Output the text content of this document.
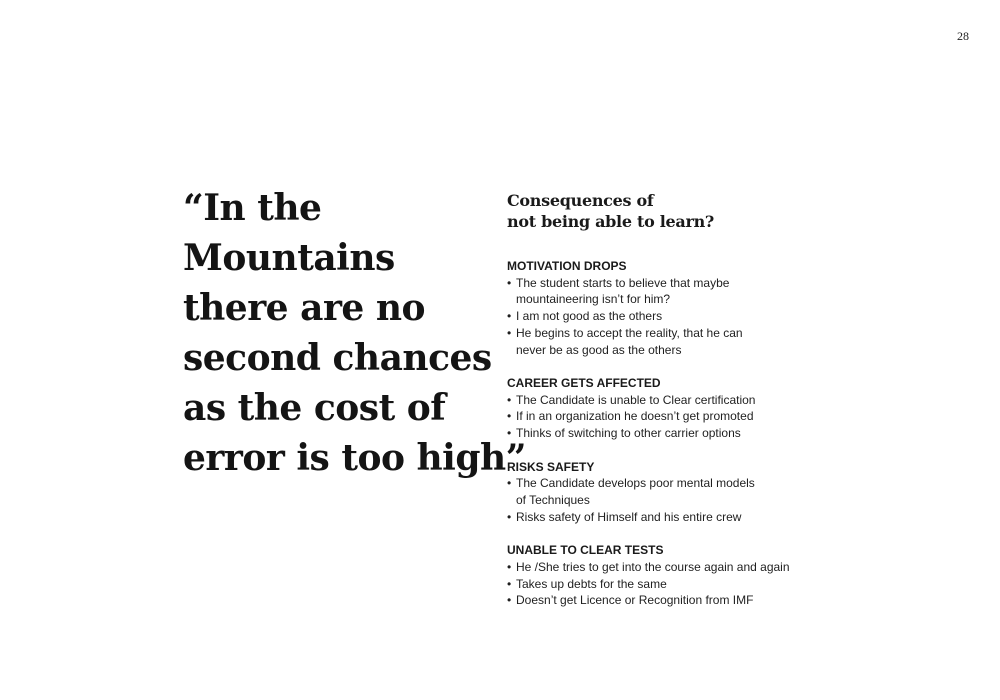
28
“In the
Mountains
there are no
second chances
as the cost of
error is too high”
Consequences of
not being able to learn?

MOTIVATION DROPS

• The student starts to believe that maybe
mountaineering isn’t for him?
• I am not good as the others
• He begins to accept the reality, that he can
never be as good as the others

CAREER GETS AFFECTED

• The Candidate is unable to Clear certification
• If in an organization he doesn’t get promoted
• Thinks of switching to other carrier options

RISKS SAFETY

• The Candidate develops poor mental models
of Techniques
• Risks safety of Himself and his entire crew

UNABLE TO CLEAR TESTS

• He /She tries to get into the course again and again
• Takes up debts for the same
• Doesn’t get Licence or Recognition from IMF
